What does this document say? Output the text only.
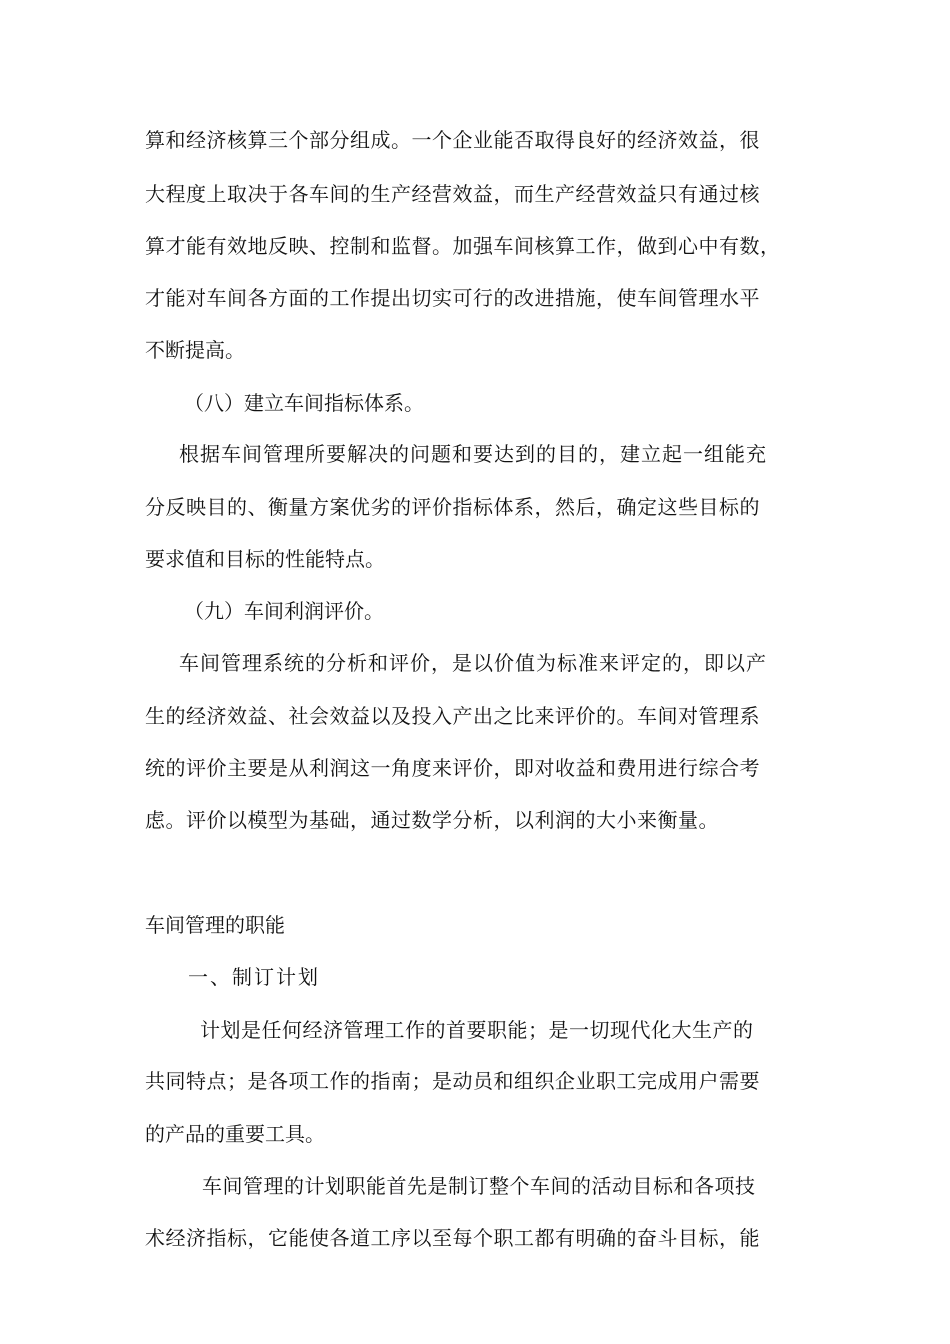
算和经济核算三个部分组成。一个企业能否取得良好的经济效益，很
大程度上取决于各车间的生产经营效益，而生产经营效益只有通过核
算才能有效地反映、控制和监督。加强车间核算工作，做到心中有数，
才能对车间各方面的工作提出切实可行的改进措施，使车间管理水平
不断提高。
（八）建立车间指标体系。
根据车间管理所要解决的问题和要达到的目的，建立起一组能充
分反映目的、衡量方案优劣的评价指标体系，然后，确定这些目标的
要求值和目标的性能特点。
（九）车间利润评价。
车间管理系统的分析和评价，是以价值为标准来评定的，即以产
生的经济效益、社会效益以及投入产出之比来评价的。车间对管理系
统的评价主要是从利润这一角度来评价，即对收益和费用进行综合考
虑。评价以模型为基础，通过数学分析，以利润的大小来衡量。
车间管理的职能
一、制订计划
计划是任何经济管理工作的首要职能；是一切现代化大生产的
共同特点；是各项工作的指南；是动员和组织企业职工完成用户需要
的产品的重要工具。
车间管理的计划职能首先是制订整个车间的活动目标和各项技
术经济指标，它能使各道工序以至每个职工都有明确的奋斗目标，能
